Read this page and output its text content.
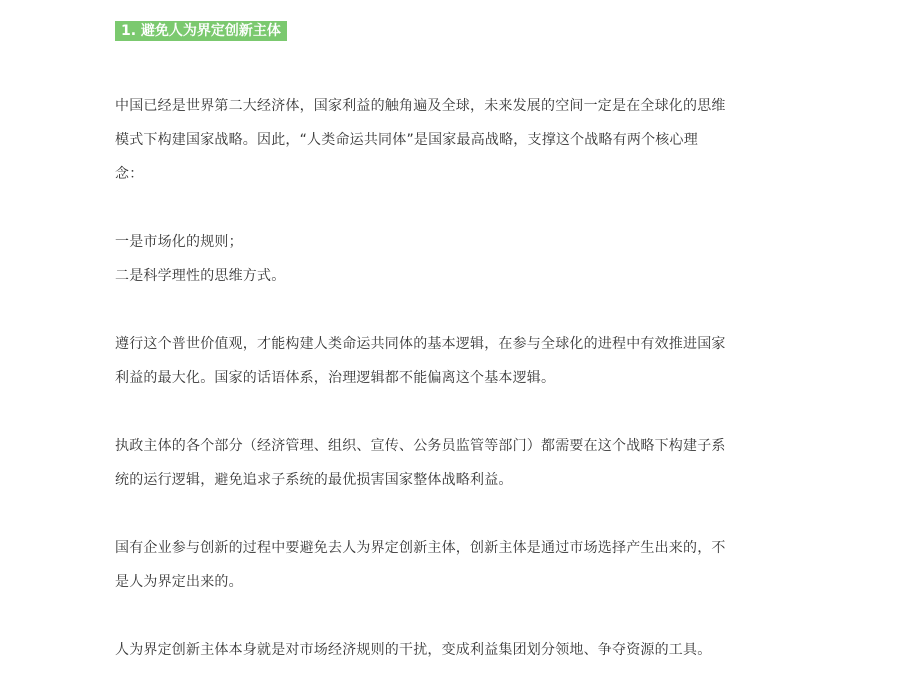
1. 避免人为界定创新主体
中国已经是世界第二大经济体，国家利益的触角遍及全球，未来发展的空间一定是在全球化的思维
模式下构建国家战略。因此，“人类命运共同体”是国家最高战略，支撑这个战略有两个核心理
念：
一是市场化的规则；
二是科学理性的思维方式。
遵行这个普世价值观，才能构建人类命运共同体的基本逻辑，在参与全球化的进程中有效推进国家
利益的最大化。国家的话语体系，治理逻辑都不能偏离这个基本逻辑。
执政主体的各个部分（经济管理、组织、宣传、公务员监管等部门）都需要在这个战略下构建子系
统的运行逻辑，避免追求子系统的最优损害国家整体战略利益。
国有企业参与创新的过程中要避免去人为界定创新主体，创新主体是通过市场选择产生出来的，不
是人为界定出来的。
人为界定创新主体本身就是对市场经济规则的干扰，变成利益集团划分领地、争夺资源的工具。
